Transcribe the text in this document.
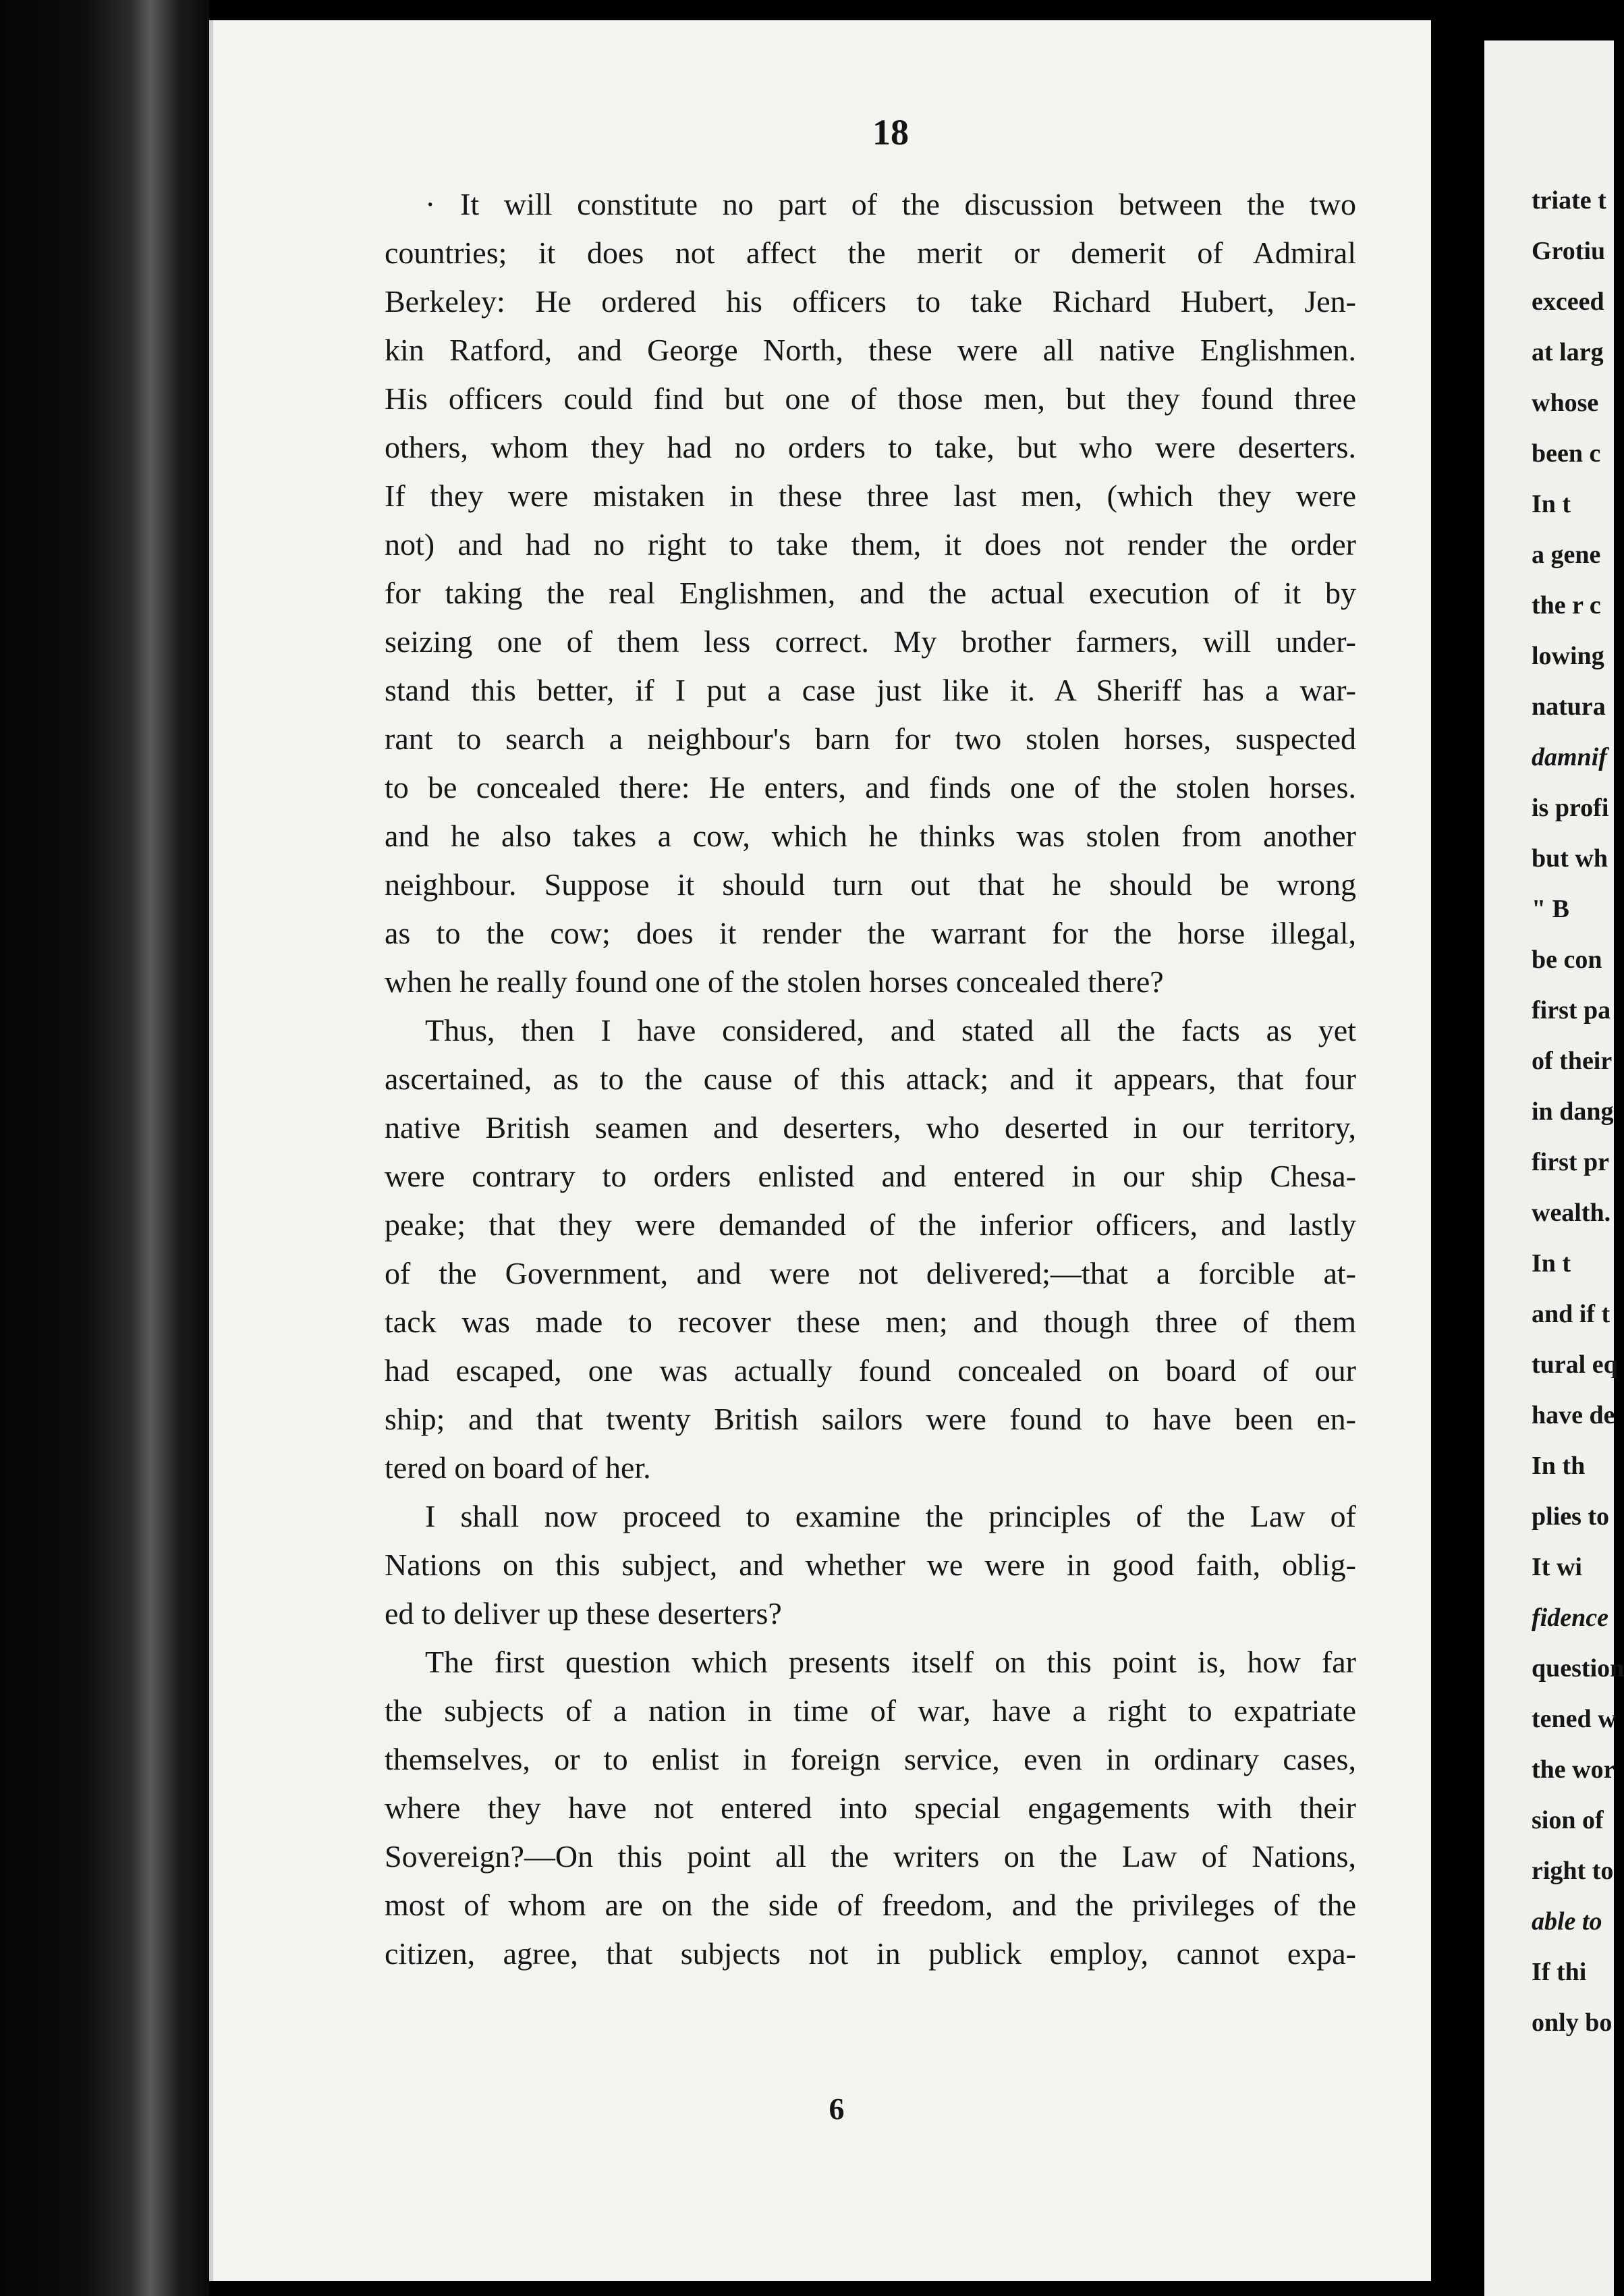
18
· It will constitute no part of the discussion between the two
countries; it does not affect the merit or demerit of Admiral
Berkeley: He ordered his officers to take Richard Hubert, Jen-
kin Ratford, and George North, these were all native Englishmen.
His officers could find but one of those men, but they found three
others, whom they had no orders to take, but who were deserters.
If they were mistaken in these three last men, (which they were
not) and had no right to take them, it does not render the order
for taking the real Englishmen, and the actual execution of it by
seizing one of them less correct. My brother farmers, will under-
stand this better, if I put a case just like it. A Sheriff has a war-
rant to search a neighbour's barn for two stolen horses, suspected
to be concealed there: He enters, and finds one of the stolen horses.
and he also takes a cow, which he thinks was stolen from another
neighbour. Suppose it should turn out that he should be wrong
as to the cow; does it render the warrant for the horse illegal,
when he really found one of the stolen horses concealed there?
Thus, then I have considered, and stated all the facts as yet
ascertained, as to the cause of this attack; and it appears, that four
native British seamen and deserters, who deserted in our territory,
were contrary to orders enlisted and entered in our ship Chesa-
peake; that they were demanded of the inferior officers, and lastly
of the Government, and were not delivered;—that a forcible at-
tack was made to recover these men; and though three of them
had escaped, one was actually found concealed on board of our
ship; and that twenty British sailors were found to have been en-
tered on board of her.
I shall now proceed to examine the principles of the Law of
Nations on this subject, and whether we were in good faith, oblig-
ed to deliver up these deserters?
The first question which presents itself on this point is, how far
the subjects of a nation in time of war, have a right to expatriate
themselves, or to enlist in foreign service, even in ordinary cases,
where they have not entered into special engagements with their
Sovereign?—On this point all the writers on the Law of Nations,
most of whom are on the side of freedom, and the privileges of the
citizen, agree, that subjects not in publick employ, cannot expa-
6
triate t
Grotiu
exceed
at larg
whose
been c
In t
a gene
the r c
lowing
natura
damnif
is profi
but wh
" B
be con
first pa
of their
in dang
first pr
wealth.
In t
and if t
tural eq
have de
In th
plies to
It wi
fidence
question
tened w
the wor
sion of
right to
able to
If thi
only bo
